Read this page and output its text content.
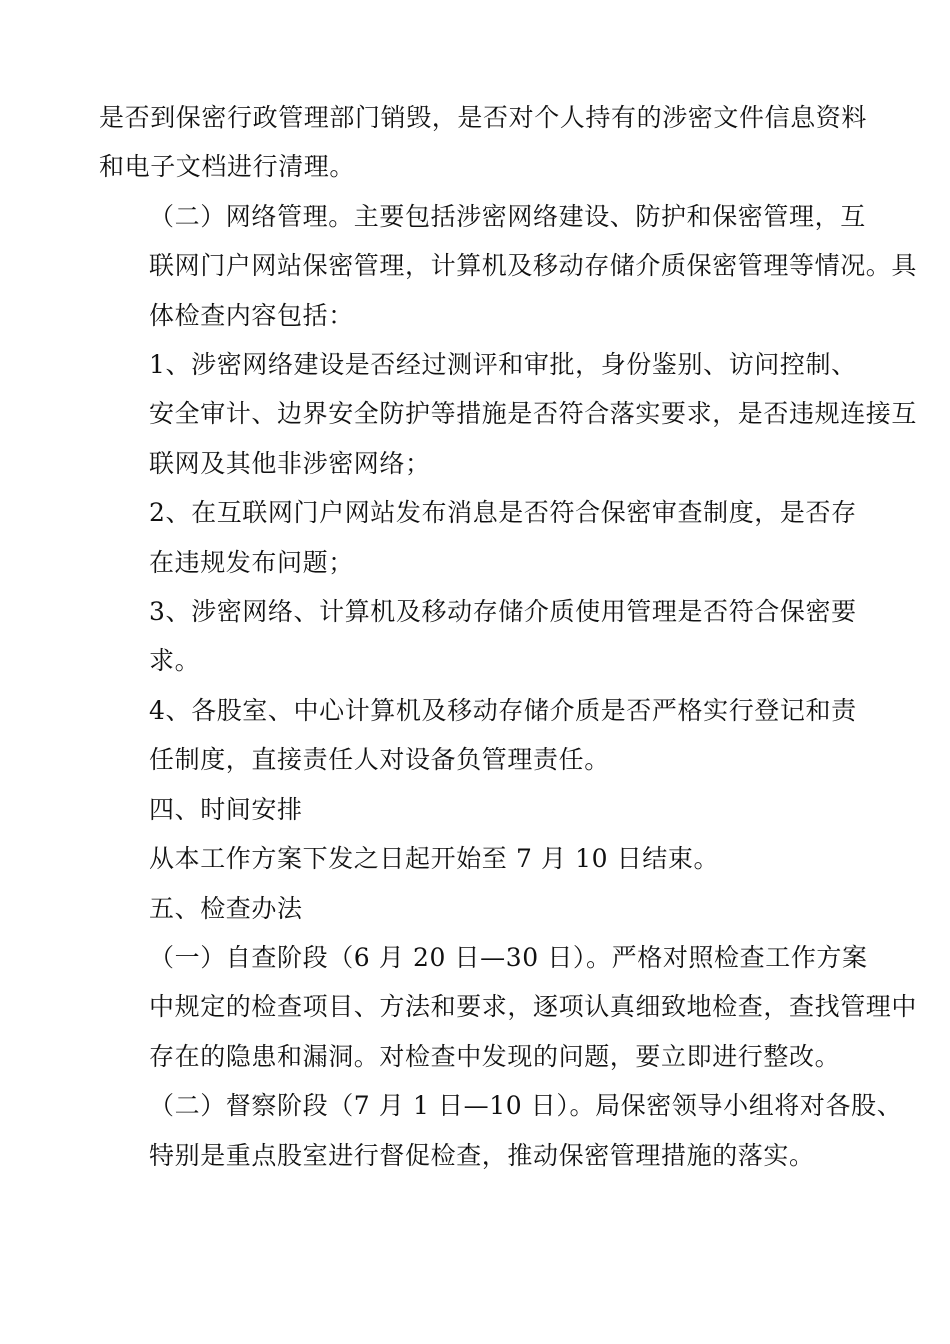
是否到保密行政管理部门销毁，是否对个人持有的涉密文件信息资料
和电子文档进行清理。

（二）网络管理。主要包括涉密网络建设、防护和保密管理，互
联网门户网站保密管理，计算机及移动存储介质保密管理等情况。具
体检查内容包括：

1、涉密网络建设是否经过测评和审批，身份鉴别、访问控制、
安全审计、边界安全防护等措施是否符合落实要求，是否违规连接互
联网及其他非涉密网络；

2、在互联网门户网站发布消息是否符合保密审查制度，是否存
在违规发布问题；

3、涉密网络、计算机及移动存储介质使用管理是否符合保密要
求。

4、各股室、中心计算机及移动存储介质是否严格实行登记和责
任制度，直接责任人对设备负管理责任。

四、时间安排

从本工作方案下发之日起开始至 7 月 10 日结束。

五、检查办法

（一）自查阶段（6 月 20 日—30 日）。严格对照检查工作方案
中规定的检查项目、方法和要求，逐项认真细致地检查，查找管理中
存在的隐患和漏洞。对检查中发现的问题，要立即进行整改。

（二）督察阶段（7 月 1 日—10 日）。局保密领导小组将对各股、
特别是重点股室进行督促检查，推动保密管理措施的落实。
